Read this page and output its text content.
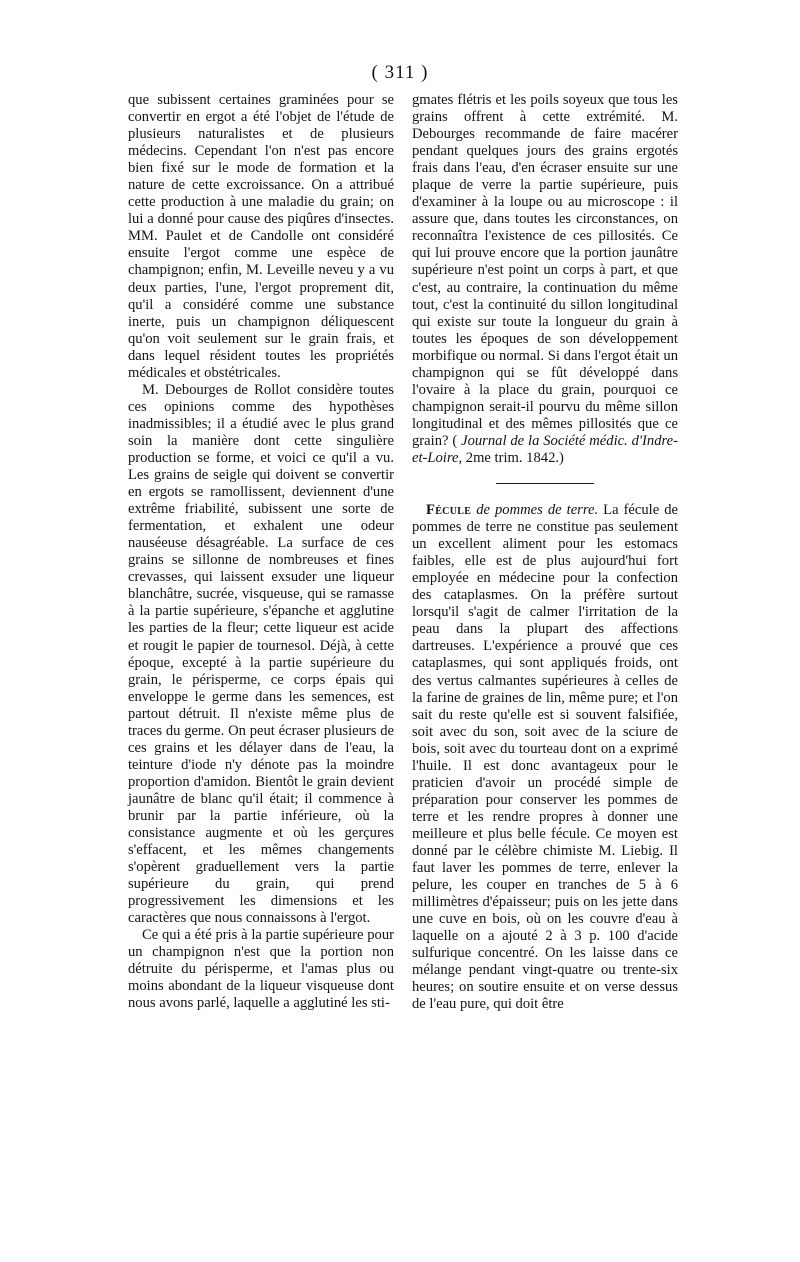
( 311 )

que subissent certaines graminées pour se convertir en ergot a été l'objet de l'étude de plusieurs naturalistes et de plusieurs médecins. Cependant l'on n'est pas encore bien fixé sur le mode de formation et la nature de cette excroissance. On a attribué cette production à une maladie du grain; on lui a donné pour cause des piqûres d'insectes. MM. Paulet et de Candolle ont considéré ensuite l'ergot comme une espèce de champignon; enfin, M. Leveille neveu y a vu deux parties, l'une, l'ergot proprement dit, qu'il a considéré comme une substance inerte, puis un champignon déliquescent qu'on voit seulement sur le grain frais, et dans lequel résident toutes les propriétés médicales et obstétricales.

M. Debourges de Rollot considère toutes ces opinions comme des hypothèses inadmissibles; il a étudié avec le plus grand soin la manière dont cette singulière production se forme, et voici ce qu'il a vu. Les grains de seigle qui doivent se convertir en ergots se ramollissent, deviennent d'une extrême friabilité, subissent une sorte de fermentation, et exhalent une odeur nauséeuse désagréable. La surface de ces grains se sillonne de nombreuses et fines crevasses, qui laissent exsuder une liqueur blanchâtre, sucrée, visqueuse, qui se ramasse à la partie supérieure, s'épanche et agglutine les parties de la fleur; cette liqueur est acide et rougit le papier de tournesol. Déjà, à cette époque, excepté à la partie supérieure du grain, le périsperme, ce corps épais qui enveloppe le germe dans les semences, est partout détruit. Il n'existe même plus de traces du germe. On peut écraser plusieurs de ces grains et les délayer dans de l'eau, la teinture d'iode n'y dénote pas la moindre proportion d'amidon. Bientôt le grain devient jaunâtre de blanc qu'il était; il commence à brunir par la partie inférieure, où la consistance augmente et où les gerçures s'effacent, et les mêmes changements s'opèrent graduellement vers la partie supérieure du grain, qui prend progressivement les dimensions et les caractères que nous connaissons à l'ergot.

Ce qui a été pris à la partie supérieure pour un champignon n'est que la portion non détruite du périsperme, et l'amas plus ou moins abondant de la liqueur visqueuse dont nous avons parlé, laquelle a agglutiné les sti-

gmates flétris et les poils soyeux que tous les grains offrent à cette extrémité. M. Debourges recommande de faire macérer pendant quelques jours des grains ergotés frais dans l'eau, d'en écraser ensuite sur une plaque de verre la partie supérieure, puis d'examiner à la loupe ou au microscope : il assure que, dans toutes les circonstances, on reconnaîtra l'existence de ces pillosités. Ce qui lui prouve encore que la portion jaunâtre supérieure n'est point un corps à part, et que c'est, au contraire, la continuation du même tout, c'est la continuité du sillon longitudinal qui existe sur toute la longueur du grain à toutes les époques de son développement morbifique ou normal. Si dans l'ergot était un champignon qui se fût développé dans l'ovaire à la place du grain, pourquoi ce champignon serait-il pourvu du même sillon longitudinal et des mêmes pillosités que ce grain? ( Journal de la Société médic. d'Indre-et-Loire, 2me trim. 1842.)

Fécule de pommes de terre. La fécule de pommes de terre ne constitue pas seulement un excellent aliment pour les estomacs faibles, elle est de plus aujourd'hui fort employée en médecine pour la confection des cataplasmes. On la préfère surtout lorsqu'il s'agit de calmer l'irritation de la peau dans la plupart des affections dartreuses. L'expérience a prouvé que ces cataplasmes, qui sont appliqués froids, ont des vertus calmantes supérieures à celles de la farine de graines de lin, même pure; et l'on sait du reste qu'elle est si souvent falsifiée, soit avec du son, soit avec de la sciure de bois, soit avec du tourteau dont on a exprimé l'huile. Il est donc avantageux pour le praticien d'avoir un procédé simple de préparation pour conserver les pommes de terre et les rendre propres à donner une meilleure et plus belle fécule. Ce moyen est donné par le célèbre chimiste M. Liebig. Il faut laver les pommes de terre, enlever la pelure, les couper en tranches de 5 à 6 millimètres d'épaisseur; puis on les jette dans une cuve en bois, où on les couvre d'eau à laquelle on a ajouté 2 à 3 p. 100 d'acide sulfurique concentré. On les laisse dans ce mélange pendant vingt-quatre ou trente-six heures; on soutire ensuite et on verse dessus de l'eau pure, qui doit être
